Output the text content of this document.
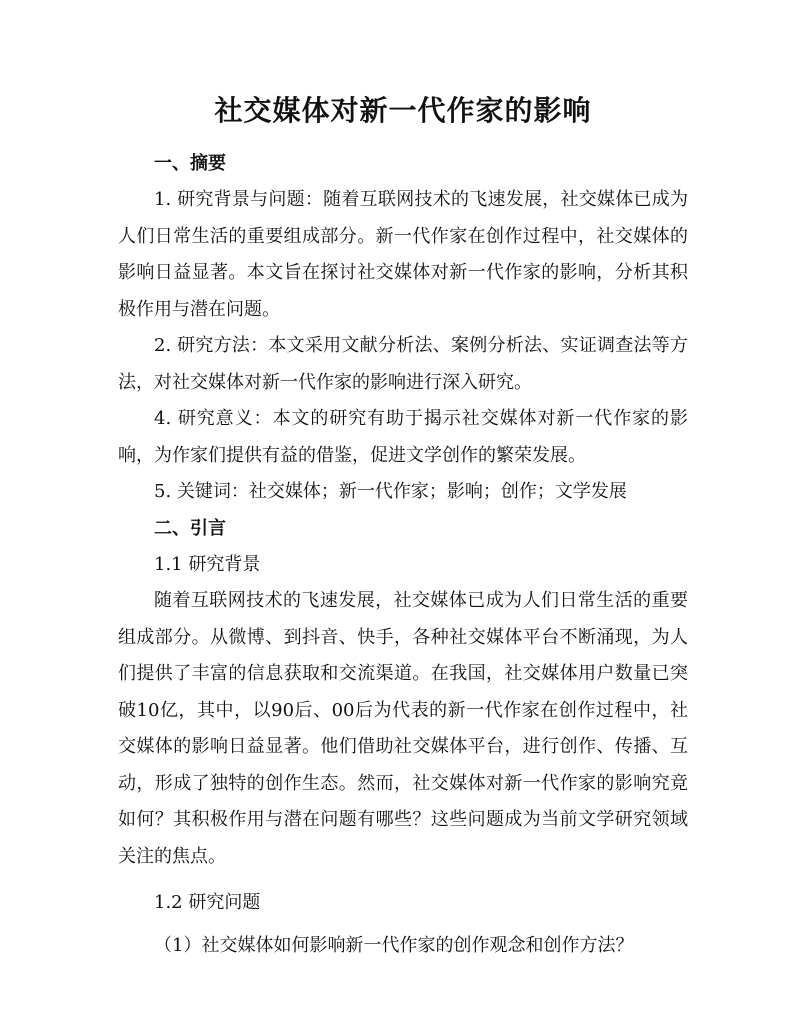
社交媒体对新一代作家的影响
一、摘要

1. 研究背景与问题：随着互联网技术的飞速发展，社交媒体已成为人们日常生活的重要组成部分。新一代作家在创作过程中，社交媒体的影响日益显著。本文旨在探讨社交媒体对新一代作家的影响，分析其积极作用与潜在问题。

2. 研究方法：本文采用文献分析法、案例分析法、实证调查法等方法，对社交媒体对新一代作家的影响进行深入研究。

4. 研究意义：本文的研究有助于揭示社交媒体对新一代作家的影响，为作家们提供有益的借鉴，促进文学创作的繁荣发展。

5. 关键词：社交媒体；新一代作家；影响；创作；文学发展

二、引言
1.1 研究背景

随着互联网技术的飞速发展，社交媒体已成为人们日常生活的重要组成部分。从微博、到抖音、快手，各种社交媒体平台不断涌现，为人们提供了丰富的信息获取和交流渠道。在我国，社交媒体用户数量已突破10亿，其中，以90后、00后为代表的新一代作家在创作过程中，社交媒体的影响日益显著。他们借助社交媒体平台，进行创作、传播、互动，形成了独特的创作生态。然而，社交媒体对新一代作家的影响究竟如何？其积极作用与潜在问题有哪些？这些问题成为当前文学研究领域关注的焦点。

1.2 研究问题
（1）社交媒体如何影响新一代作家的创作观念和创作方法？
